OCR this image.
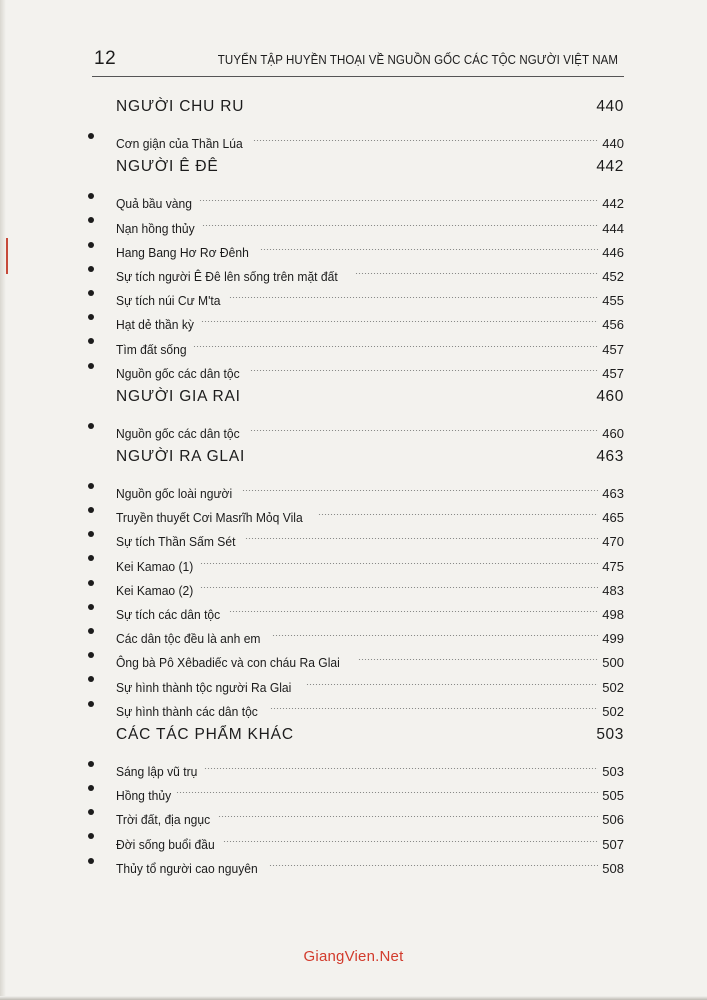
12	TUYỂN TẬP HUYỀN THOẠI VỀ NGUỒN GỐC CÁC TỘC NGƯỜI VIỆT NAM
NGƯỜI CHU RU	440
Cơn giận của Thần Lúa	440
NGƯỜI Ê ĐÊ	442
Quả bầu vàng	442
Nạn hồng thủy	444
Hang Bang Hơ Rơ Đênh	446
Sự tích người Ê Đê lên sống trên mặt đất	452
Sự tích núi Cư M'ta	455
Hạt dẻ thần kỳ	456
Tìm đất sống	457
Nguồn gốc các dân tộc	457
NGƯỜI GIA RAI	460
Nguồn gốc các dân tộc	460
NGƯỜI RA GLAI	463
Nguồn gốc loài người	463
Truyền thuyết Cơi Masrĩh Mỏq Vila	465
Sự tích Thần Sấm Sét	470
Kei Kamao (1)	475
Kei Kamao (2)	483
Sự tích các dân tộc	498
Các dân tộc đều là anh em	499
Ông bà Pô Xêbadiếc và con cháu Ra Glai	500
Sự hình thành tộc người Ra Glai	502
Sự hình thành các dân tộc	502
CÁC TÁC PHẨM KHÁC	503
Sáng lập vũ trụ	503
Hồng thủy	505
Trời đất, địa ngục	506
Đời sống buổi đầu	507
Thủy tổ người cao nguyên	508
GiangVien.Net
